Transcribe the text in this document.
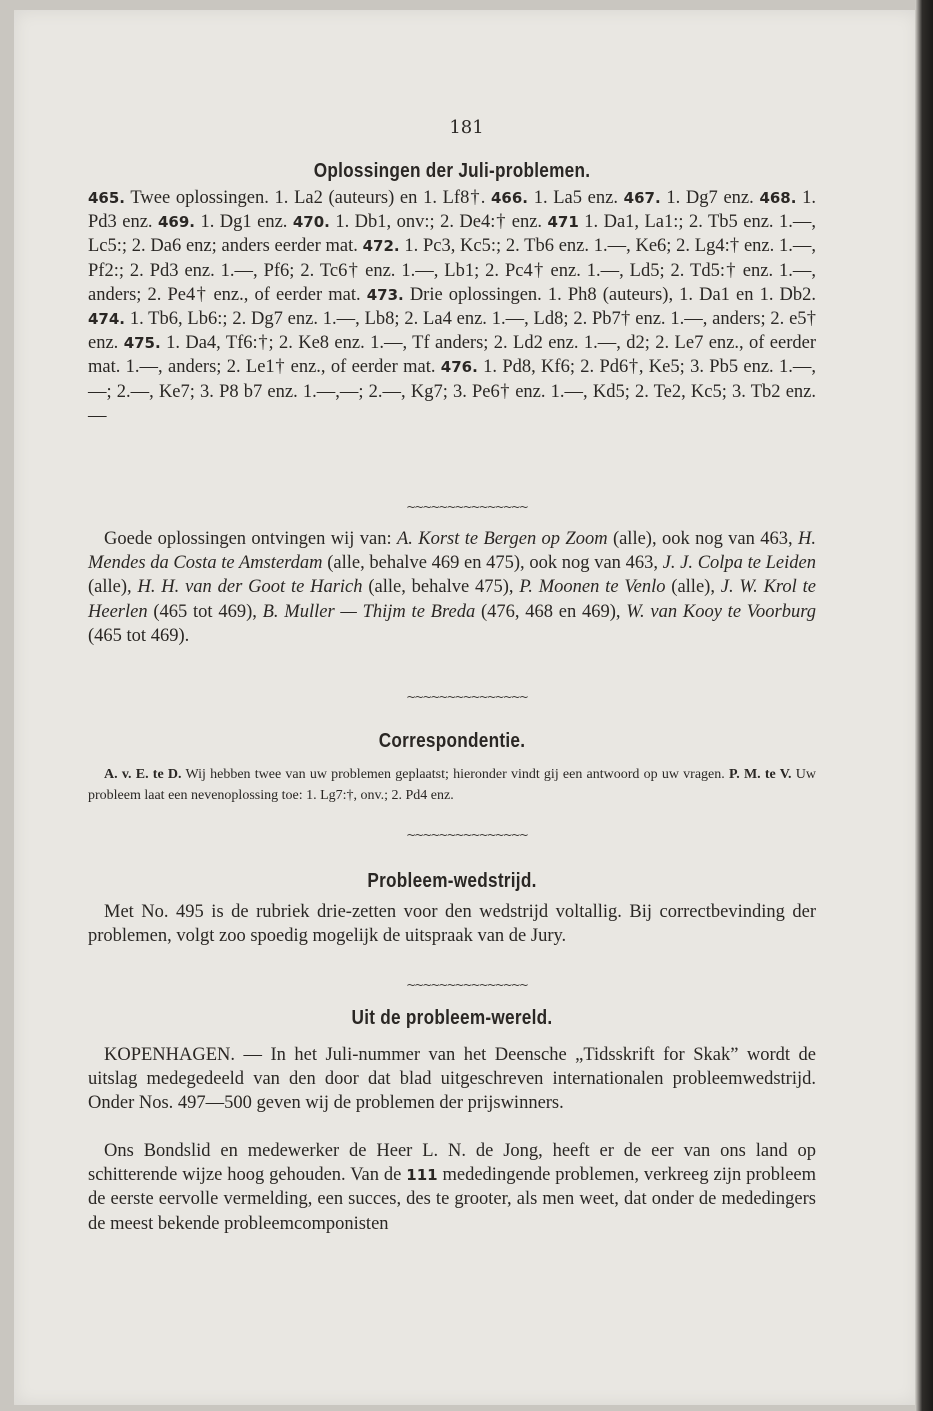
181
Oplossingen der Juli-problemen.
465. Twee oplossingen. 1. La2 (auteurs) en 1. Lf8†. 466. 1. La5 enz. 467. 1. Dg7 enz. 468. 1. Pd3 enz. 469. 1. Dg1 enz. 470. 1. Db1, onv:; 2. De4:† enz. 471 1. Da1, La1:; 2. Tb5 enz. 1.—, Lc5:; 2. Da6 enz; anders eerder mat. 472. 1. Pc3, Kc5:; 2. Tb6 enz. 1.—, Ke6; 2. Lg4:† enz. 1.—, Pf2:; 2. Pd3 enz. 1.—, Pf6; 2. Tc6† enz. 1.—, Lb1; 2. Pc4† enz. 1.—, Ld5; 2. Td5:† enz. 1.—, anders; 2. Pe4† enz., of eerder mat. 473. Drie oplossingen. 1. Ph8 (auteurs), 1. Da1 en 1. Db2. 474. 1. Tb6, Lb6:; 2. Dg7 enz. 1.—, Lb8; 2. La4 enz. 1.—, Ld8; 2. Pb7† enz. 1.—, anders; 2. e5† enz. 475. 1. Da4, Tf6:†; 2. Ke8 enz. 1.—, Tf anders; 2. Ld2 enz. 1.—, d2; 2. Le7 enz., of eerder mat. 1.—, anders; 2. Le1† enz., of eerder mat. 476. 1. Pd8, Kf6; 2. Pd6†, Ke5; 3. Pb5 enz. 1.—,—; 2.—, Ke7; 3. P8 b7 enz. 1.—,—; 2.—, Kg7; 3. Pe6† enz. 1.—, Kd5; 2. Te2, Kc5; 3. Tb2 enz. —
~~~~~~~~~~~~~~~
Goede oplossingen ontvingen wij van: A. Korst te Bergen op Zoom (alle), ook nog van 463, H. Mendes da Costa te Amsterdam (alle, behalve 469 en 475), ook nog van 463, J. J. Colpa te Leiden (alle), H. H. van der Goot te Harich (alle, behalve 475), P. Moonen te Venlo (alle), J. W. Krol te Heerlen (465 tot 469), B. Muller — Thijm te Breda (476, 468 en 469), W. van Kooy te Voorburg (465 tot 469).
~~~~~~~~~~~~~~~
Correspondentie.
A. v. E. te D. Wij hebben twee van uw problemen geplaatst; hieronder vindt gij een antwoord op uw vragen. P. M. te V. Uw probleem laat een nevenoplossing toe: 1. Lg7:†, onv.; 2. Pd4 enz.
~~~~~~~~~~~~~~~
Probleem-wedstrijd.
Met No. 495 is de rubriek drie-zetten voor den wedstrijd voltallig. Bij correctbevinding der problemen, volgt zoo spoedig mogelijk de uitspraak van de Jury.
~~~~~~~~~~~~~~~
Uit de probleem-wereld.
KOPENHAGEN. — In het Juli-nummer van het Deensche „Tidsskrift for Skak” wordt de uitslag medegedeeld van den door dat blad uitgeschreven internationalen probleemwedstrijd. Onder Nos. 497—500 geven wij de problemen der prijswinners.
Ons Bondslid en medewerker de Heer L. N. de Jong, heeft er de eer van ons land op schitterende wijze hoog gehouden. Van de 111 mededingende problemen, verkreeg zijn probleem de eerste eervolle vermelding, een succes, des te grooter, als men weet, dat onder de mededingers de meest bekende probleemcomponisten
